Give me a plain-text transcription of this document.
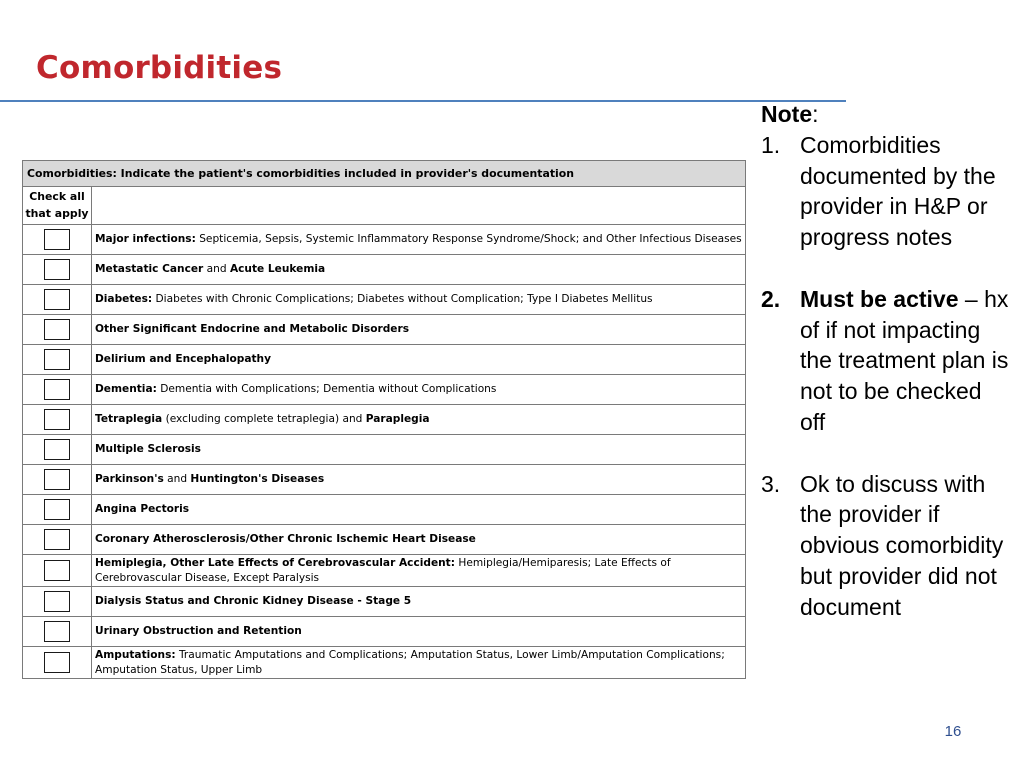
Comorbidities
Comorbidities: Indicate the patient's comorbidities included in provider's documentation	
Check all
that apply	
	Major infections: Septicemia, Sepsis, Systemic Inflammatory Response Syndrome/Shock; and Other Infectious Diseases
	Metastatic Cancer and Acute Leukemia
	Diabetes: Diabetes with Chronic Complications; Diabetes without Complication; Type I Diabetes Mellitus
	Other Significant Endocrine and Metabolic Disorders
	Delirium and Encephalopathy
	Dementia: Dementia with Complications; Dementia without Complications
	Tetraplegia (excluding complete tetraplegia) and Paraplegia
	Multiple Sclerosis
	Parkinson's and Huntington's Diseases
	Angina Pectoris
	Coronary Atherosclerosis/Other Chronic Ischemic Heart Disease
	Hemiplegia, Other Late Effects of Cerebrovascular Accident: Hemiplegia/Hemiparesis; Late Effects of Cerebrovascular Disease, Except Paralysis
	Dialysis Status and Chronic Kidney Disease - Stage 5
	Urinary Obstruction and Retention
	Amputations: Traumatic Amputations and Complications; Amputation Status, Lower Limb/Amputation Complications; Amputation Status, Upper Limb
Note:
1. Comorbidities documented by the provider in H&P or progress notes
2. Must be active – hx of if not impacting the treatment plan is not to be checked off
3. Ok to discuss with the provider if obvious comorbidity but provider did not document
16
